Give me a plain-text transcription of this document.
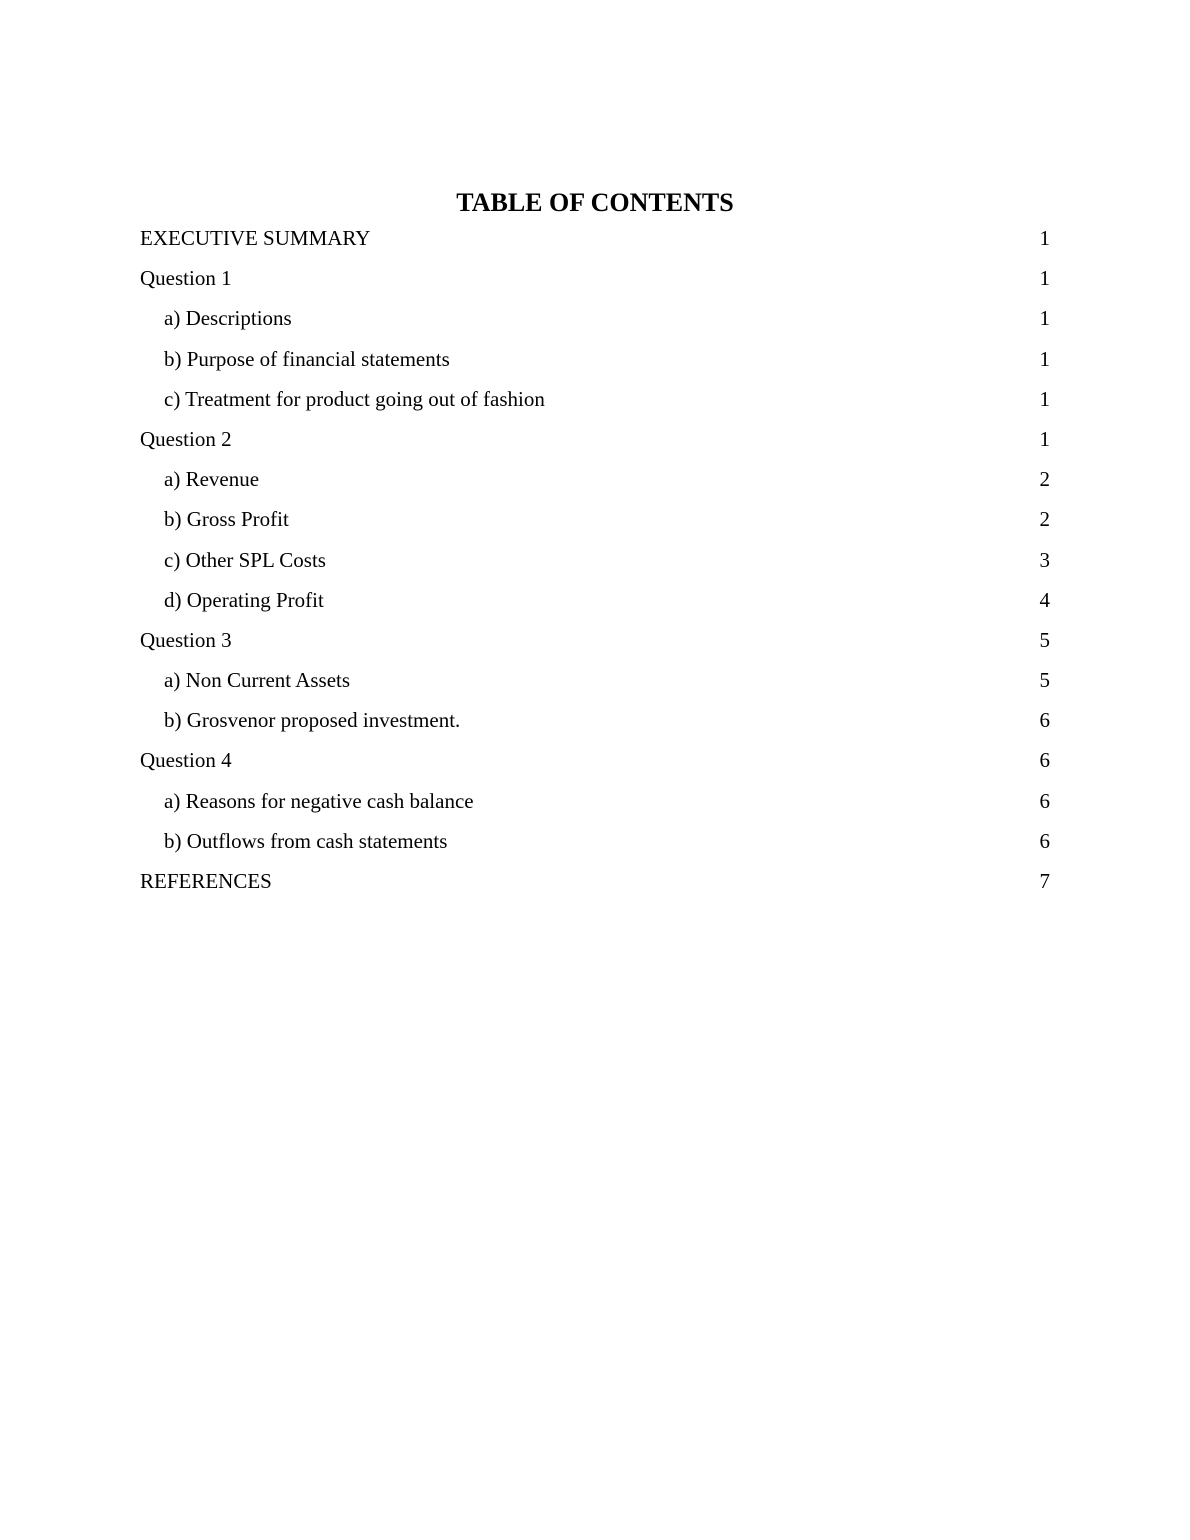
TABLE OF CONTENTS
EXECUTIVE SUMMARY	1
Question 1	1
a) Descriptions	1
b) Purpose of financial statements	1
c) Treatment for product going out of fashion	1
Question 2	1
a) Revenue	2
b) Gross Profit	2
c) Other SPL Costs	3
d) Operating Profit	4
Question 3	5
a) Non Current Assets	5
b) Grosvenor proposed investment.	6
Question 4	6
a) Reasons for negative cash balance	6
b) Outflows from cash statements	6
REFERENCES	7
